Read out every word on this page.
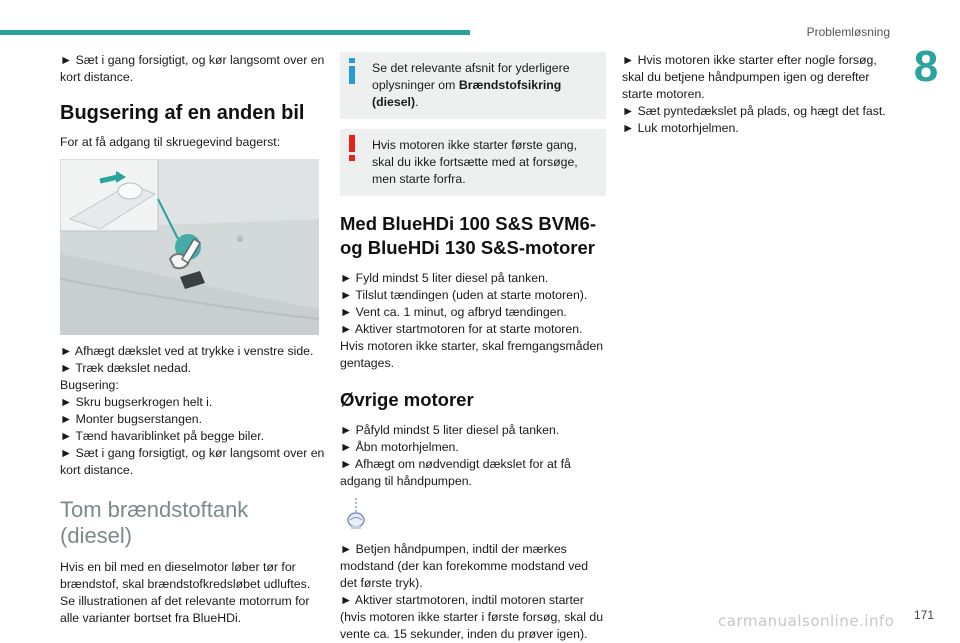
Problemløsning
8
► Sæt i gang forsigtigt, og kør langsomt over en kort distance.
Bugsering af en anden bil
For at få adgang til skruegevind bagerst:
► Afhægt dækslet ved at trykke i venstre side.
► Træk dækslet nedad.
Bugsering:
► Skru bugserkrogen helt i.
► Monter bugserstangen.
► Tænd havariblinket på begge biler.
► Sæt i gang forsigtigt, og kør langsomt over en kort distance.
Tom brændstoftank (diesel)
Hvis en bil med en dieselmotor løber tør for brændstof, skal brændstofkredsløbet udluftes. Se illustrationen af det relevante motorrum for alle varianter bortset fra BlueHDi.
Se det relevante afsnit for yderligere oplysninger om Brændstofsikring (diesel).
Hvis motoren ikke starter første gang, skal du ikke fortsætte med at forsøge, men starte forfra.
Med BlueHDi 100 S&S BVM6- og BlueHDi 130 S&S-motorer
► Fyld mindst 5 liter diesel på tanken.
► Tilslut tændingen (uden at starte motoren).
► Vent ca. 1 minut, og afbryd tændingen.
► Aktiver startmotoren for at starte motoren.
Hvis motoren ikke starter, skal fremgangsmåden gentages.
Øvrige motorer
► Påfyld mindst 5 liter diesel på tanken.
► Åbn motorhjelmen.
► Afhægt om nødvendigt dækslet for at få adgang til håndpumpen.
► Betjen håndpumpen, indtil der mærkes modstand (der kan forekomme modstand ved det første tryk).
► Aktiver startmotoren, indtil motoren starter (hvis motoren ikke starter i første forsøg, skal du vente ca. 15 sekunder, inden du prøver igen).
► Hvis motoren ikke starter efter nogle forsøg, skal du betjene håndpumpen igen og derefter starte motoren.
► Sæt pyntedækslet på plads, og hægt det fast.
► Luk motorhjelmen.
carmanualsonline.info	171
